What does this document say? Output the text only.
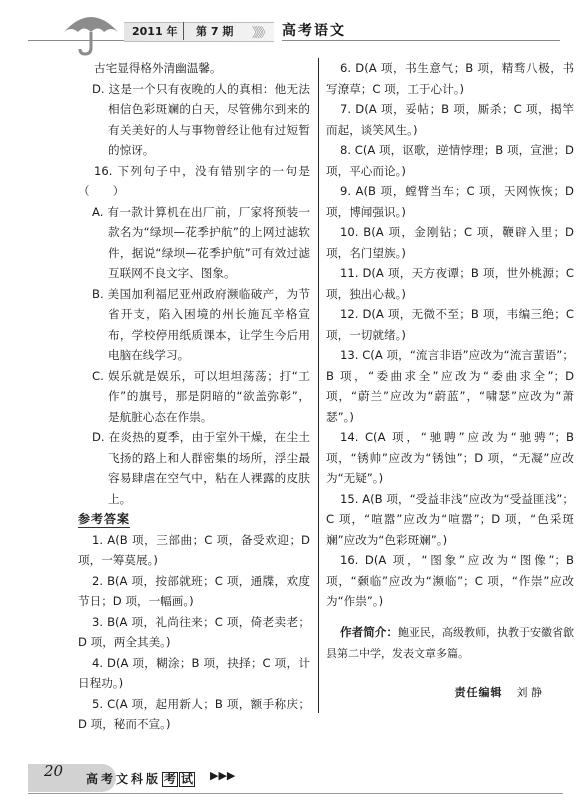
2011 年 第 7 期 》》》 高考语文

古宅显得格外清幽温馨。

D. 这是一个只有夜晚的人的真相：他无法相信色彩斑斓的白天，尽管佛尔到来的有关美好的人与事物曾经让他有过短暂的惊讶。

16. 下列句子中，没有错别字的一句是（　　）

A. 有一款计算机在出厂前，厂家将预装一款名为“绿坝—花季护航”的上网过滤软件，据说“绿坝—花季护航”可有效过滤互联网不良文字、图象。

B. 美国加利福尼亚州政府濒临破产，为节省开支，陷入困境的州长施瓦辛格宣布，学校停用纸质课本，让学生今后用电脑在线学习。

C. 娱乐就是娱乐，可以坦坦荡荡；打“工作”的旗号，那是阴暗的“欲盖弥彰”，是航脏心态在作祟。

D. 在炎热的夏季，由于室外干燥，在尘土飞扬的路上和人群密集的场所，浮尘最容易肆虐在空气中，粘在人裸露的皮肤上。

参考答案

1. A(B 项，三部曲；C 项，备受欢迎；D 项，一筹莫展。)

2. B(A 项，按部就班；C 项，通牒，欢度节日；D 项，一幅画。)

3. B(A 项，礼尚往来；C 项，倚老卖老；D 项，两全其美。)

4. D(A 项，糊涂；B 项，抉择；C 项，计日程功。)

5. C(A 项，起用新人；B 项，额手称庆；D 项，秘而不宣。)

6. D(A 项，书生意气；B 项，精骛八极，书写潦草；C 项，工于心计。)

7. D(A 项，妥帖；B 项，厮杀；C 项，揭竿而起，谈笑风生。)

8. C(A 项，讴歌，逆情悖理；B 项，宣泄；D 项，平心而论。)

9. A(B 项，螳臂当车；C 项，天网恢恢；D 项，博闻强识。)

10. B(A 项，金刚钻；C 项，鞭辟入里；D 项，名门望族。)

11. D(A 项，天方夜谭；B 项，世外桃源；C 项，独出心裁。)

12. D(A 项，无微不至；B 项，韦编三绝；C 项，一切就绪。)

13. C(A 项，“流言非语”应改为“流言蜚语”；B 项，“委曲求全”应改为“委曲求全”；D 项，“蔚兰”应改为“蔚蓝”，“啸瑟”应改为“萧瑟”。)

14. C(A 项，“驰聘”应改为“驰骋”；B 项，“锈帅”应改为“锈蚀”；D 项，“无凝”应改为“无疑”。)

15. A(B 项，“受益非浅”应改为“受益匪浅”；C 项，“喧嚣”应改为“喧嚣”；D 项，“色采斑斓”应改为“色彩斑斓”。)

16. D(A 项，“图象”应改为“图像”；B 项，“颡临”应改为“濒临”；C 项，“作崇”应改为“作祟”。)

作者简介：鲍亚民，高级教师，执教于安徽省歙县第二中学，发表文章多篇。

责任编辑 刘 静
20 高考文科版 考 试 ▶▶▶
